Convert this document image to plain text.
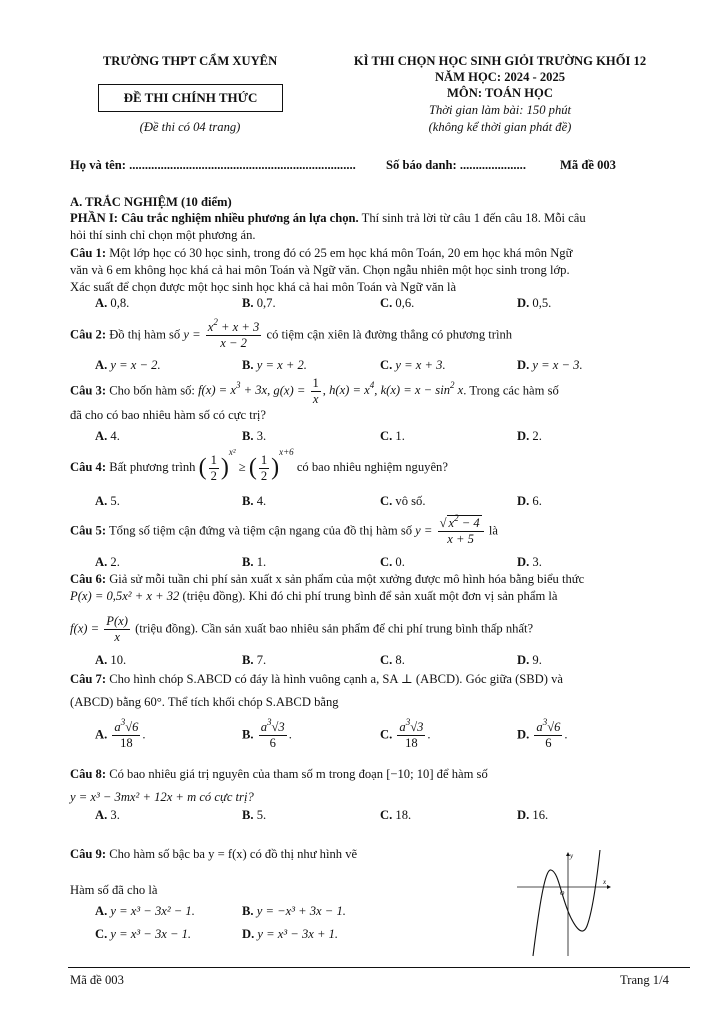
TRƯỜNG THPT CẨM XUYÊN	KÌ THI CHỌN HỌC SINH GIỎI TRƯỜNG KHỐI 12
NĂM HỌC: 2024 - 2025
MÔN: TOÁN HỌC
ĐỀ THI CHÍNH THỨC
Thời gian làm bài: 150 phút
(Đề thi có 04 trang)	(không kể thời gian phát đề)
Họ và tên: ........................................................................ Số báo danh: .....................	Mã đề 003
A. TRẮC NGHIỆM (10 điểm)
PHẦN I: Câu trắc nghiệm nhiều phương án lựa chọn. Thí sinh trả lời từ câu 1 đến câu 18. Mỗi câu
hỏi thí sinh chỉ chọn một phương án.
Câu 1: Một lớp học có 30 học sinh, trong đó có 25 em học khá môn Toán, 20 em học khá môn Ngữ
văn và 6 em không học khá cả hai môn Toán và Ngữ văn. Chọn ngẫu nhiên một học sinh trong lớp.
Xác suất để chọn được một học sinh học khá cả hai môn Toán và Ngữ văn là
A. 0,8.	B. 0,7.	C. 0,6.	D. 0,5.
Câu 2: Đồ thị hàm số $y = \frac{x^2 + x + 3}{x - 2}$ có tiệm cận xiên là đường thẳng có phương trình
A. y = x − 2.	B. y = x + 2.	C. y = x + 3.	D. y = x − 3.
Câu 3: Cho bốn hàm số: $f(x) = x^3 + 3x$, $g(x) = \frac{1}{x}$ , $h(x) = x^4$, $k(x) = x - \sin^2 x$. Trong các hàm số
đã cho có bao nhiêu hàm số có cực trị?
A. 4.	B. 3.	C. 1.	D. 2.
Câu 4: Bất phương trình ( $\frac{1}{2} )^{x^2}$ ≥ ( $\frac{1}{2} )^{x+6}$ có bao nhiêu nghiệm nguyên?
A. 5.	B. 4.	C. vô số.	D. 6.
Câu 5: Tổng số tiệm cận đứng và tiệm cận ngang của đồ thị hàm số $y = \frac{√ x^2 - 4}{x + 5}$ là
A. 2.	B. 1.	C. 0.	D. 3.
Câu 6: Giả sử mỗi tuần chi phí sản xuất x sản phẩm của một xưởng được mô hình hóa bằng biểu thức
P(x) = 0,5x² + x + 32 (triệu đồng). Khi đó chi phí trung bình để sản xuất một đơn vị sản phẩm là
$f(x) = \frac{P(x)}{x}$ (triệu đồng). Cần sản xuất bao nhiêu sản phẩm để chi phí trung bình thấp nhất?
A. 10.	B. 7.	C. 8.	D. 9.
Câu 7: Cho hình chóp S.ABCD có đáy là hình vuông cạnh a, SA ⊥ (ABCD). Góc giữa (SBD) và
(ABCD) bằng 60°. Thể tích khối chóp S.ABCD bằng
A. $\frac{a^3√6}{18}$ .	B. $\frac{a^3√3}{6}$ .	C. $\frac{a^3√3}{18}$ .	D. $\frac{a^3√6}{6}$ .
Câu 8: Có bao nhiêu giá trị nguyên của tham số m trong đoạn [−10; 10] để hàm số
y = x³ − 3mx² + 12x + m có cực trị?
A. 3.	B. 5.	C. 18.	D. 16.
Câu 9: Cho hàm số bậc ba y = f(x) có đồ thị như hình vẽ
Hàm số đã cho là
A. y = x³ − 3x² − 1.	B. y = −x³ + 3x − 1.
C. y = x³ − 3x − 1.	D. y = x³ − 3x + 1.
y
x
O
Mã đề 003	Trang 1/4
